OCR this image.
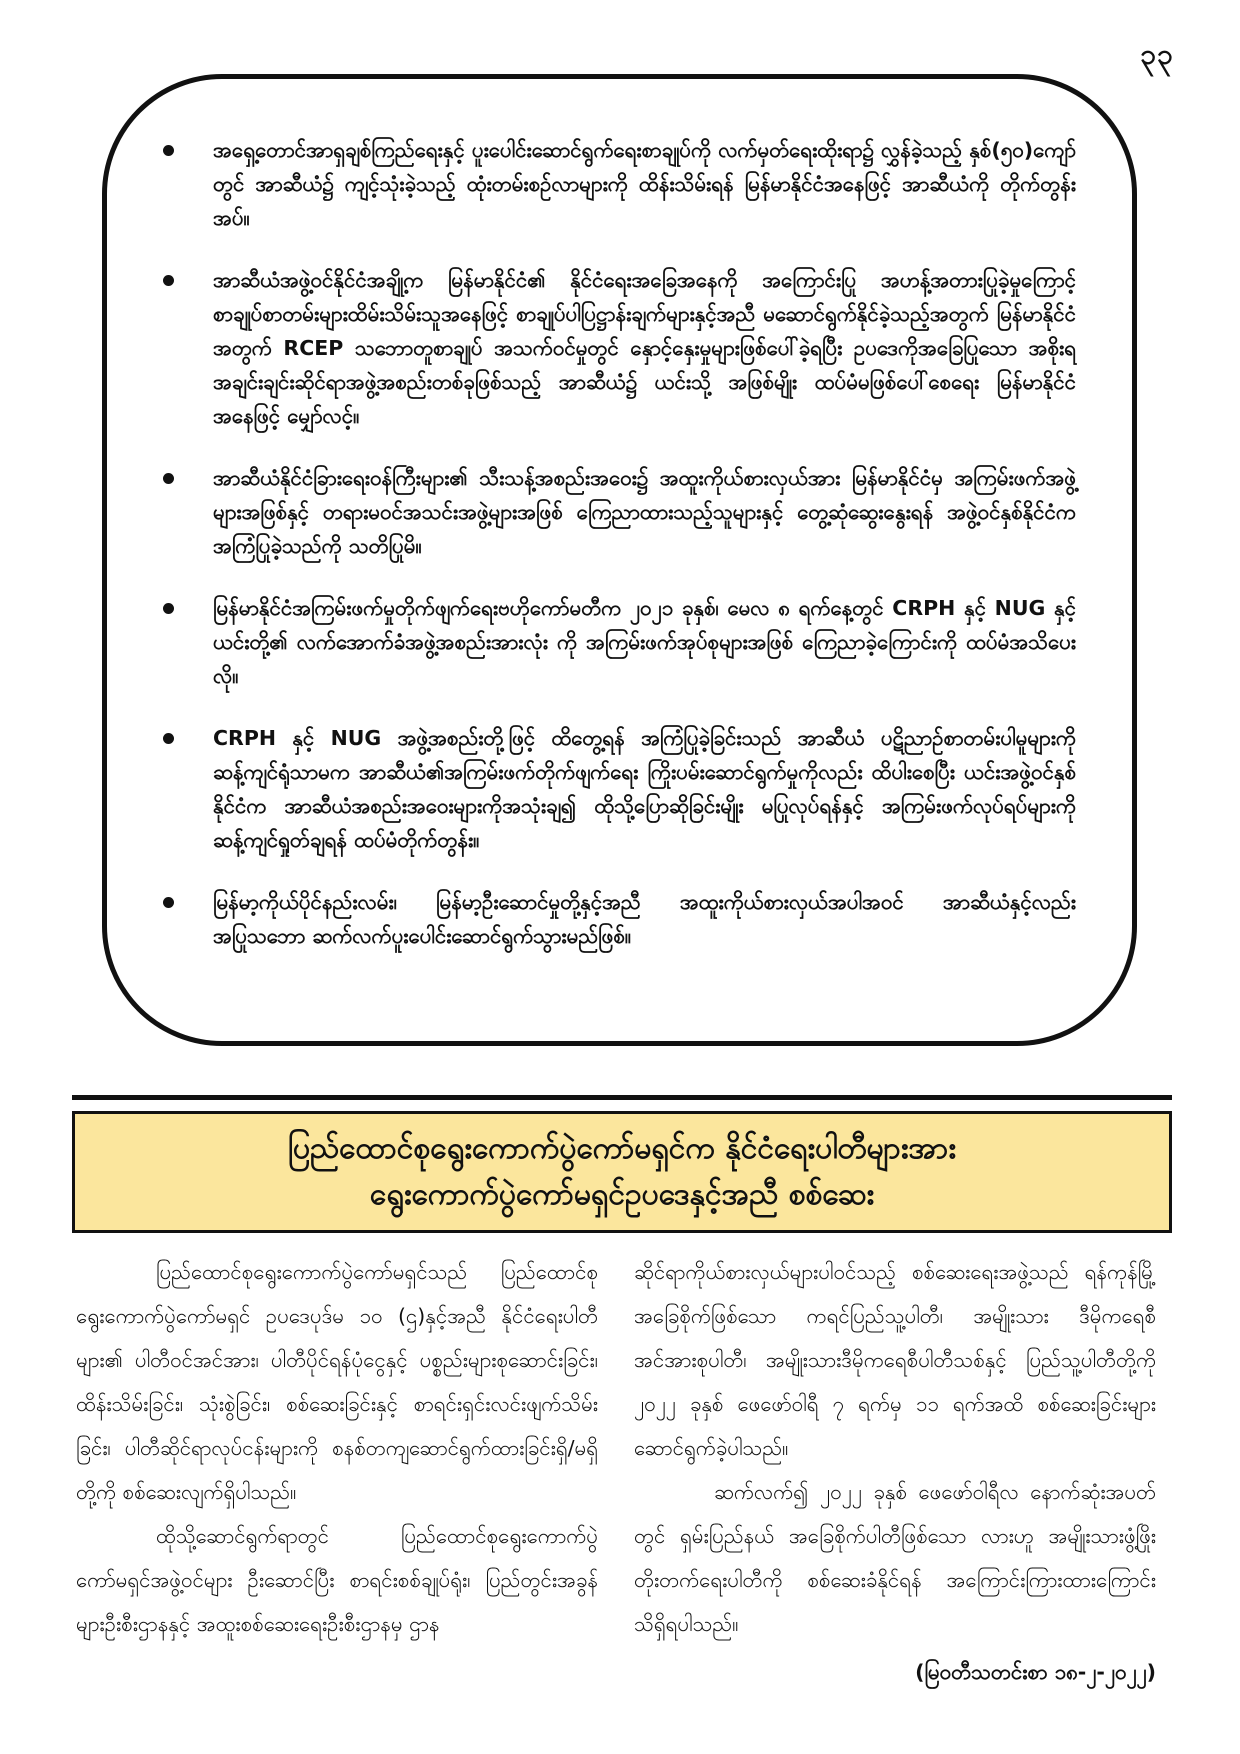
၃၃
အရှေ့တောင်အာရှချစ်ကြည်ရေးနှင့် ပူးပေါင်းဆောင်ရွက်ရေးစာချုပ်ကို လက်မှတ်ရေးထိုးရာ၌ လွှန်ခဲ့သည့် နှစ်(၅၀)ကျော်တွင် အာဆီယံ၌ ကျင့်သုံးခဲ့သည့် ထုံးတမ်းစဉ်လာများကို ထိန်းသိမ်းရန် မြန်မာနိုင်ငံအနေဖြင့် အာဆီယံကို တိုက်တွန်းအပ်။
အာဆီယံအဖွဲ့ဝင်နိုင်ငံအချို့က မြန်မာနိုင်ငံ၏ နိုင်ငံရေးအခြေအနေကို အကြောင်းပြု အဟန့်အတားပြုခဲ့မှုကြောင့် စာချုပ်စာတမ်းများထိမ်းသိမ်းသူအနေဖြင့် စာချုပ်ပါပြဋ္ဌာန်းချက်များနှင့်အညီ မဆောင်ရွက်နိုင်ခဲ့သည့်အတွက် မြန်မာနိုင်ငံအတွက် RCEP သဘောတူစာချုပ် အသက်ဝင်မှုတွင် နှောင့်နှေးမှုများဖြစ်ပေါ်ခဲ့ရပြီး ဥပဒေကိုအခြေပြုသော အစိုးရအချင်းချင်းဆိုင်ရာအဖွဲ့အစည်းတစ်ခုဖြစ်သည့် အာဆီယံ၌ ယင်းသို့ အဖြစ်မျိုး ထပ်မံမဖြစ်ပေါ်စေရေး မြန်မာနိုင်ငံအနေဖြင့် မျှော်လင့်။
အာဆီယံနိုင်ငံခြားရေးဝန်ကြီးများ၏ သီးသန့်အစည်းအဝေး၌ အထူးကိုယ်စားလှယ်အား မြန်မာနိုင်ငံမှ အကြမ်းဖက်အဖွဲ့များအဖြစ်နှင့် တရားမဝင်အသင်းအဖွဲ့များအဖြစ် ကြေညာထားသည့်သူများနှင့် တွေ့ဆုံဆွေးနွေးရန် အဖွဲ့ဝင်နှစ်နိုင်ငံက အကြံပြုခဲ့သည်ကို သတိပြုမိ။
မြန်မာနိုင်ငံအကြမ်းဖက်မှုတိုက်ဖျက်ရေးဗဟိုကော်မတီက ၂၀၂၁ ခုနှစ်၊ မေလ ၈ ရက်နေ့တွင် CRPH နှင့် NUG နှင့် ယင်းတို့၏ လက်အောက်ခံအဖွဲ့အစည်းအားလုံး ကို အကြမ်းဖက်အုပ်စုများအဖြစ် ကြေညာခဲ့ကြောင်းကို ထပ်မံအသိပေးလို။
CRPH နှင့် NUG အဖွဲ့အစည်းတို့ဖြင့် ထိတွေ့ရန် အကြံပြုခဲ့ခြင်းသည် အာဆီယံ ပဋိညာဉ်စာတမ်းပါမူများကို ဆန့်ကျင်ရုံသာမက အာဆီယံ၏အကြမ်းဖက်တိုက်ဖျက်ရေး ကြိုးပမ်းဆောင်ရွက်မှုကိုလည်း ထိပါးစေပြီး ယင်းအဖွဲ့ဝင်နှစ်နိုင်ငံက အာဆီယံအစည်းအဝေးများကိုအသုံးချ၍ ထိုသို့ပြောဆိုခြင်းမျိုး မပြုလုပ်ရန်နှင့် အကြမ်းဖက်လုပ်ရပ်များကို ဆန့်ကျင်ရှုတ်ချရန် ထပ်မံတိုက်တွန်း။
မြန်မာ့ကိုယ်ပိုင်နည်းလမ်း၊ မြန်မာ့ဦးဆောင်မှုတို့နှင့်အညီ အထူးကိုယ်စားလှယ်အပါအဝင် အာဆီယံနှင့်လည်း အပြုသဘော ဆက်လက်ပူးပေါင်းဆောင်ရွက်သွားမည်ဖြစ်။
ပြည်ထောင်စုရွေးကောက်ပွဲကော်မရှင်က နိုင်ငံရေးပါတီများအား
ရွေးကောက်ပွဲကော်မရှင်ဥပဒေနှင့်အညီ စစ်ဆေး

ပြည်ထောင်စုရွေးကောက်ပွဲကော်မရှင်သည် ပြည်ထောင်စုရွေးကောက်ပွဲကော်မရှင် ဥပဒေပုဒ်မ ၁၀ (ဌ)နှင့်အညီ နိုင်ငံရေးပါတီများ၏ ပါတီဝင်အင်အား၊ ပါတီပိုင်ရန်ပုံငွေနှင့် ပစ္စည်းများစုဆောင်းခြင်း၊ ထိန်းသိမ်းခြင်း၊ သုံးစွဲခြင်း၊ စစ်ဆေးခြင်းနှင့် စာရင်းရှင်းလင်းဖျက်သိမ်းခြင်း၊ ပါတီဆိုင်ရာလုပ်ငန်းများကို စနစ်တကျဆောင်ရွက်ထားခြင်းရှိ/မရှိတို့ကို စစ်ဆေးလျက်ရှိပါသည်။

ထိုသို့ဆောင်ရွက်ရာတွင် ပြည်ထောင်စုရွေးကောက်ပွဲကော်မရှင်အဖွဲ့ဝင်များ ဦးဆောင်ပြီး စာရင်းစစ်ချုပ်ရုံး၊ ပြည်တွင်းအခွန်များဦးစီးဌာနနှင့် အထူးစစ်ဆေးရေးဦးစီးဌာနမှ ဌာန

ဆိုင်ရာကိုယ်စားလှယ်များပါဝင်သည့် စစ်ဆေးရေးအဖွဲ့သည် ရန်ကုန်မြို့ အခြေစိုက်ဖြစ်သော ကရင်ပြည်သူ့ပါတီ၊ အမျိုးသား ဒီမိုကရေစီအင်အားစုပါတီ၊ အမျိုးသားဒီမိုကရေစီပါတီသစ်နှင့် ပြည်သူ့ပါတီတို့ကို ၂၀၂၂ ခုနှစ် ဖေဖော်ဝါရီ ၇ ရက်မှ ၁၁ ရက်အထိ စစ်ဆေးခြင်းများဆောင်ရွက်ခဲ့ပါသည်။

ဆက်လက်၍ ၂၀၂၂ ခုနှစ် ဖေဖော်ဝါရီလ နောက်ဆုံးအပတ်တွင် ရှမ်းပြည်နယ် အခြေစိုက်ပါတီဖြစ်သော လားဟူ အမျိုးသားဖွံ့ဖြိုးတိုးတက်ရေးပါတီကို စစ်ဆေးခံနိုင်ရန် အကြောင်းကြားထားကြောင်း သိရှိရပါသည်။

(မြဝတီသတင်းစာ ၁၈-၂-၂၀၂၂)
